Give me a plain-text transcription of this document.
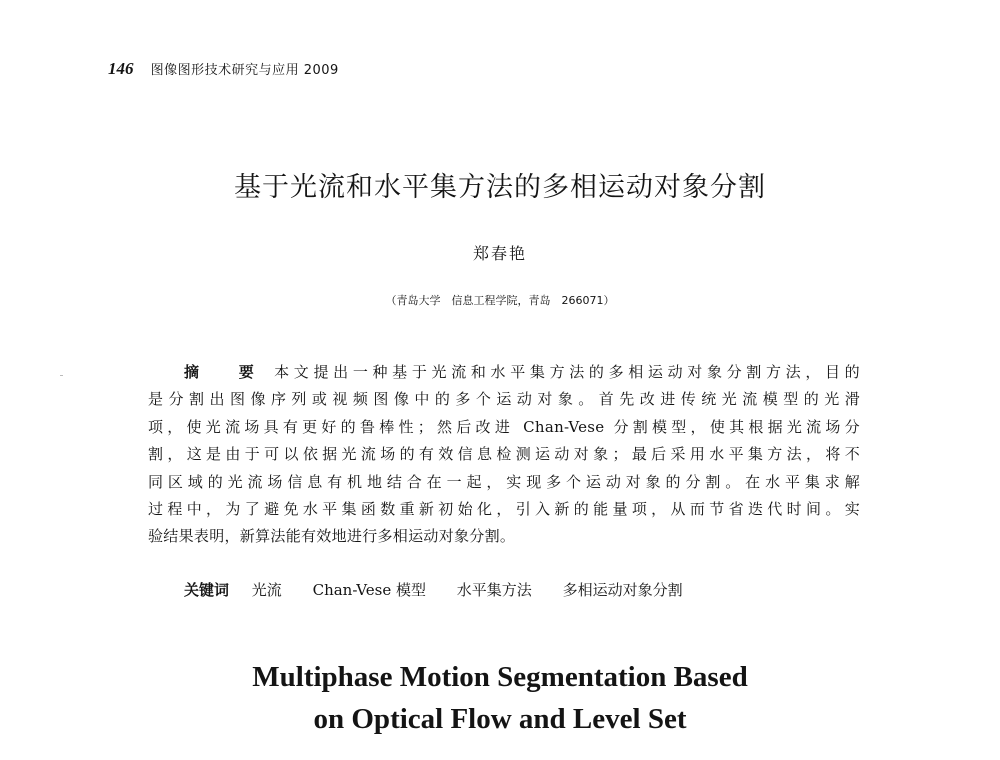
146 图像图形技术研究与应用 2009
基于光流和水平集方法的多相运动对象分割
郑春艳
（青岛大学　信息工程学院，青岛　266071）
摘　要 本文提出一种基于光流和水平集方法的多相运动对象分割方法，目的
是分割出图像序列或视频图像中的多个运动对象。首先改进传统光流模型的光滑
项，使光流场具有更好的鲁棒性；然后改进 Chan-Vese 分割模型，使其根据光流场分
割，这是由于可以依据光流场的有效信息检测运动对象；最后采用水平集方法，将不
同区域的光流场信息有机地结合在一起，实现多个运动对象的分割。在水平集求解
过程中，为了避免水平集函数重新初始化，引入新的能量项，从而节省迭代时间。实
验结果表明，新算法能有效地进行多相运动对象分割。
关键词 光流 Chan-Vese 模型 水平集方法 多相运动对象分割
Multiphase Motion Segmentation Based
on Optical Flow and Level Set
